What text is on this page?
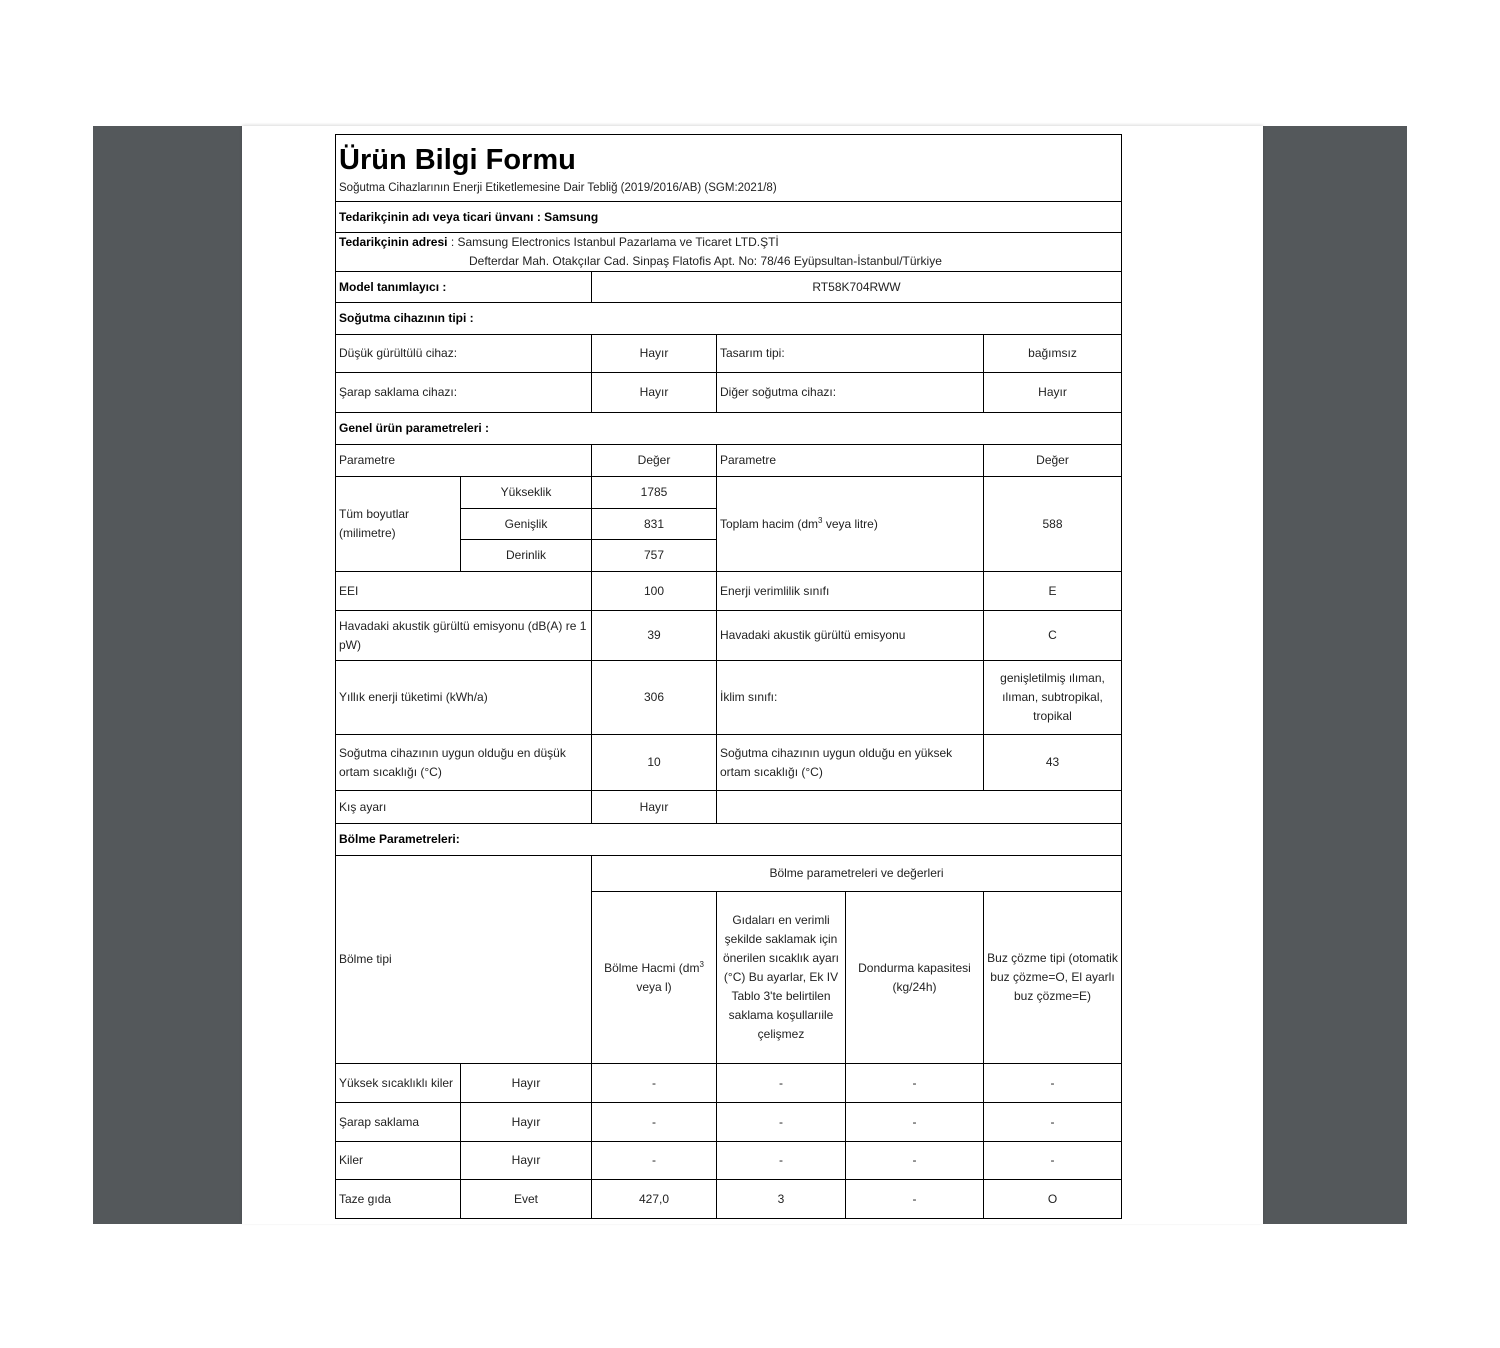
Ürün Bilgi Formu
Soğutma Cihazlarının Enerji Etiketlemesine Dair Tebliğ (2019/2016/AB) (SGM:2021/8)					

Tedarikçinin adı veya ticari ünvanı : Samsung					

Tedarikçinin adresi : Samsung Electronics Istanbul Pazarlama ve Ticaret LTD.ŞTİ
Defterdar Mah. Otakçılar Cad. Sinpaş Flatofis Apt. No: 78/46 Eyüpsultan-İstanbul/Türkiye					

Model tanımlayıcı :		RT58K704RWW			
Soğutma cihazının tipi :					
Düşük gürültülü cihaz:		Hayır	Tasarım tipi:		bağımsız
Şarap saklama cihazı:		Hayır	Diğer soğutma cihazı:		Hayır
Genel ürün parametreleri :					
Parametre		Değer	Parametre		Değer
Tüm boyutlar (milimetre)	Yükseklik	1785	Toplam hacim ($dm^3$ veya litre)		588
	Genişlik	831			
	Derinlik	757			
EEI		100	Enerji verimlilik sınıfı		E
Havadaki akustik gürültü emisyonu (dB(A) re 1 pW)		39	Havadaki akustik gürültü emisyonu		C
Yıllık enerji tüketimi (kWh/a)		306	İklim sınıfı:		genişletilmiş ılıman, ılıman, subtropikal, tropikal
Soğutma cihazının uygun olduğu en düşük ortam sıcaklığı (°C)		10	Soğutma cihazının uygun olduğu en yüksek ortam sıcaklığı (°C)		43
Kış ayarı		Hayır			
Bölme Parametreleri:					
Bölme tipi		Bölme parametreleri ve değerleri			
		Bölme Hacmi ($dm^3$ veya l)	Gıdaları en verimli şekilde saklamak için önerilen sıcaklık ayarı (°C) Bu ayarlar, Ek IV Tablo 3'te belirtilen saklama koşullarıile çelişmez	Dondurma kapasitesi (kg/24h)	Buz çözme tipi (otomatik buz çözme=O, El ayarlı buz çözme=E)
Yüksek sıcaklıklı kiler	Hayır	-	-	-	-
Şarap saklama	Hayır	-	-	-	-
Kiler	Hayır	-	-	-	-
Taze gıda	Evet	427,0	3	-	O
